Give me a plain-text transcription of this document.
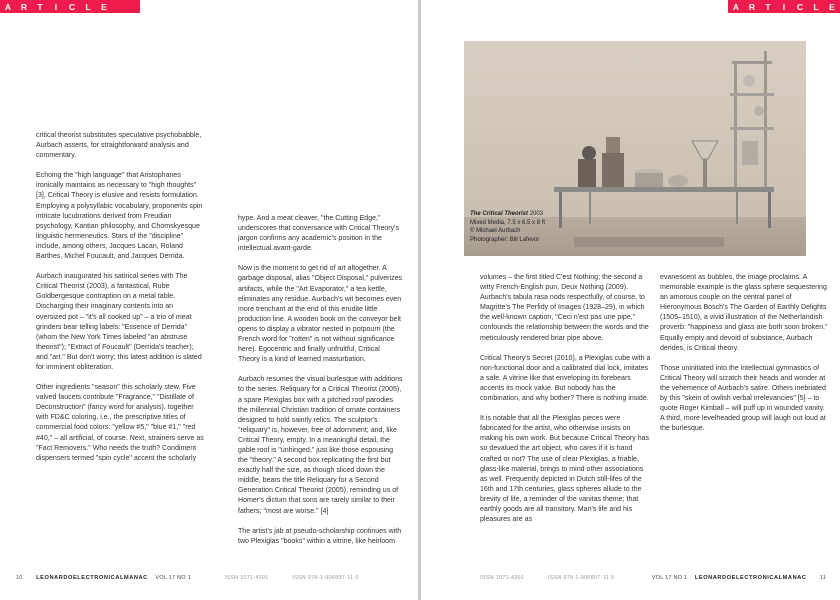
A	R	T	I	C	L	E

critical theorist substitutes speculative psychobabble, Aurbach asserts, for straightforward analysis and commentary.

Echoing the "high language" that Aristophanes ironically maintains as necessary to "high thoughts" [3], Critical Theory is elusive and resists formulation. Employing a polysyllabic vocabulary, proponents spin intricate lucubrations derived from Freudian psychology, Kantian philosophy, and Chomskyesque linguistic hermeneutics. Stars of the "discipline" include, among others, Jacques Lacan, Roland Barthes, Michel Foucault, and Jacques Derrida.

Aurbach inaugurated his satirical series with The Critical Theorist (2003), a fantastical, Rube Goldbergesque contraption on a metal table. Discharging their imaginary contents into an oversized pot – "it's all cooked up" – a trio of meat grinders bear telling labels: "Essence of Derrida" (whom the New York Times labeled "an abstruse theorist"); "Extract of Foucault" (Derrida's teacher); and "art." But don't worry; this latest addition is slated for imminent obliteration.

Other ingredients "season" this scholarly stew. Five valved faucets contribute "Fragrance," "Distillate of Deconstruction" (fancy word for analysis), together with FD&C coloring, i.e., the prescriptive titles of commercial food colors: "yellow #5," "blue #1," "red #40," – all artificial, of course. Next, strainers serve as "Fact Removers." Who needs the truth? Condiment dispensers termed "spin cycle" accent the scholarly

hype. And a meat cleaver, "the Cutting Edge," underscores that conversance with Critical Theory's jargon confirms any academic's position in the intellectual avant-garde.

Now is the moment to get rid of art altogether. A garbage disposal, alias "Object Disposal," pulverizes artifacts, while the "Art Evaporator," a tea kettle, eliminates any residue. Aurbach's wit becomes even more trenchant at the end of this erudite little production line. A wooden book on the conveyor belt opens to display a vibrator nested in potpourri (the French word for "rotten" is not without significance here). Egocentric and finally unfruitful, Critical Theory is a kind of learned masturbation.

Aurbach resumes the visual burlesque with additions to the series. Reliquary for a Critical Theorist (2005), a spare Plexiglas box with a pitched roof parodies the millennial Christian tradition of ornate containers designed to hold saintly relics. The sculptor's "reliquary" is, however, free of adornment; and, like Critical Theory, empty. In a meaningful detail, the gable roof is "unhinged," just like those espousing the "theory." A second box replicating the first but exactly half the size, as though sliced down the middle, bears the title Reliquary for a Second Generation Critical Theorist (2005), reminding us of Homer's dictum that sons are rarely similar to their fathers; "most are worse." [4]

The artist's jab at pseudo-scholarship continues with two Plexiglas "books" within a vitrine, like heirloom

10 LEONARDOELECTRONICALMANAC VOL 17 NO 1	ISSN 1071-4391	ISSN 978-1-906897-11-5
A	R	T	I	C	L	E
The Critical Theorist 2003
Mixed Media, 7.5 x 6.5 x 8 ft
© Michael Aurbach
Photographer: Bill Lafevor

volumes – the first titled C'est Nothing; the second a witty French-English pun, Deux Nothing (2009). Aurbach's tabula rasa nods respectfully, of course, to Magritte's The Perfidy of Images (1928–29), in which the well-known caption, "Ceci n'est pas une pipe," confounds the relationship between the words and the meticulously rendered briar pipe above.

Critical Theory's Secret (2010), a Plexiglas cube with a non-functional door and a calibrated dial lock, imitates a safe. A vitrine like that enveloping its forebears accents its mock value. But nobody has the combination, and why bother? There is nothing inside.

It is notable that all the Plexiglas pieces were fabricated for the artist, who otherwise insists on making his own work. But because Critical Theory has so devalued the art object, who cares if it is hand crafted or not? The use of clear Plexiglas, a friable, glass-like material, brings to mind other associations as well. Frequently depicted in Dutch still-lifes of the 16th and 17th centuries, glass spheres allude to the brevity of life, a reminder of the vanitas theme; that earthly goods are all transitory. Man's life and his pleasures are as

evanescent as bubbles, the image proclaims. A memorable example is the glass sphere sequestering an amorous couple on the central panel of Hieronymous Bosch's The Garden of Earthly Delights (1505–1510), a vivid illustration of the Netherlandish proverb: "happiness and glass are both soon broken." Equally empty and devoid of substance, Aurbach derides, is Critical theory.

Those uninitiated into the intellectual gymnastics of Critical Theory will scratch their heads and wonder at the vehemence of Aurbach's satire. Others inebriated by this "skein of owlish verbal irrelevancies" [5] – to quote Roger Kimball – will puff up in wounded vanity. A third, more levelheaded group will laugh out loud at the burlesque.

ISSN 1071-4391	ISSN 978-1-906897-11-5	VOL 17 NO 1 LEONARDOELECTRONICALMANAC 11
